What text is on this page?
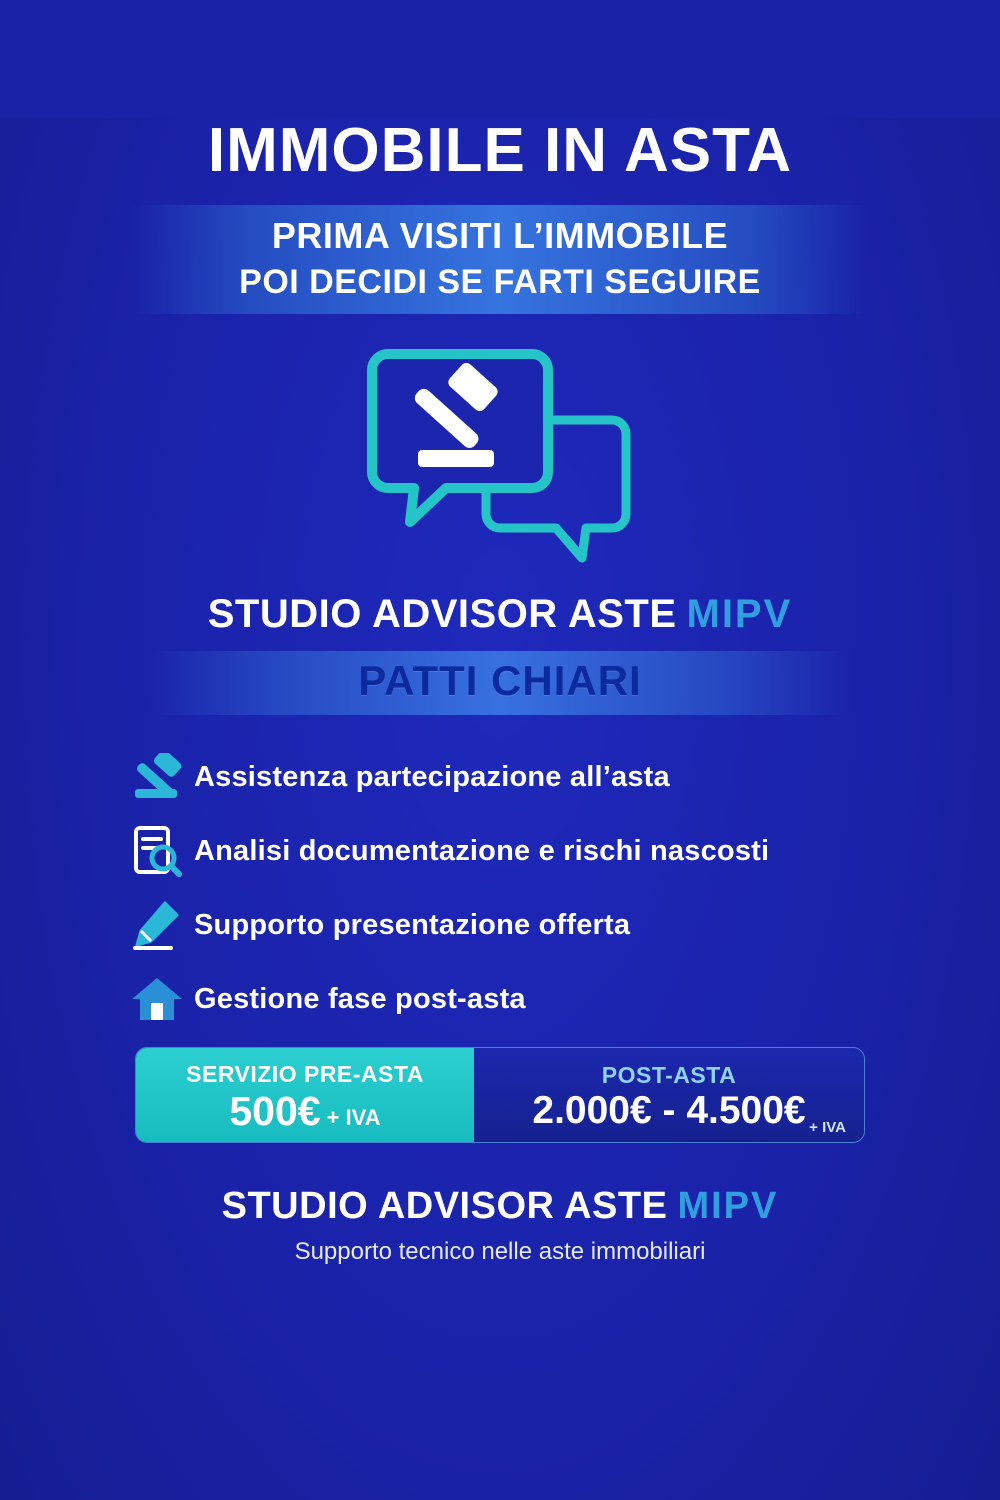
IMMOBILE IN ASTA
PRIMA VISITI L’IMMOBILE
POI DECIDI SE FARTI SEGUIRE
STUDIO ADVISOR ASTE MIPV
PATTI CHIARI
Assistenza partecipazione all’asta
Analisi documentazione e rischi nascosti
Supporto presentazione offerta
Gestione fase post-asta
SERVIZIO PRE-ASTA
500€ + IVA
POST-ASTA
2.000€ - 4.500€ + IVA
STUDIO ADVISOR ASTE MIPV
Supporto tecnico nelle aste immobiliari
